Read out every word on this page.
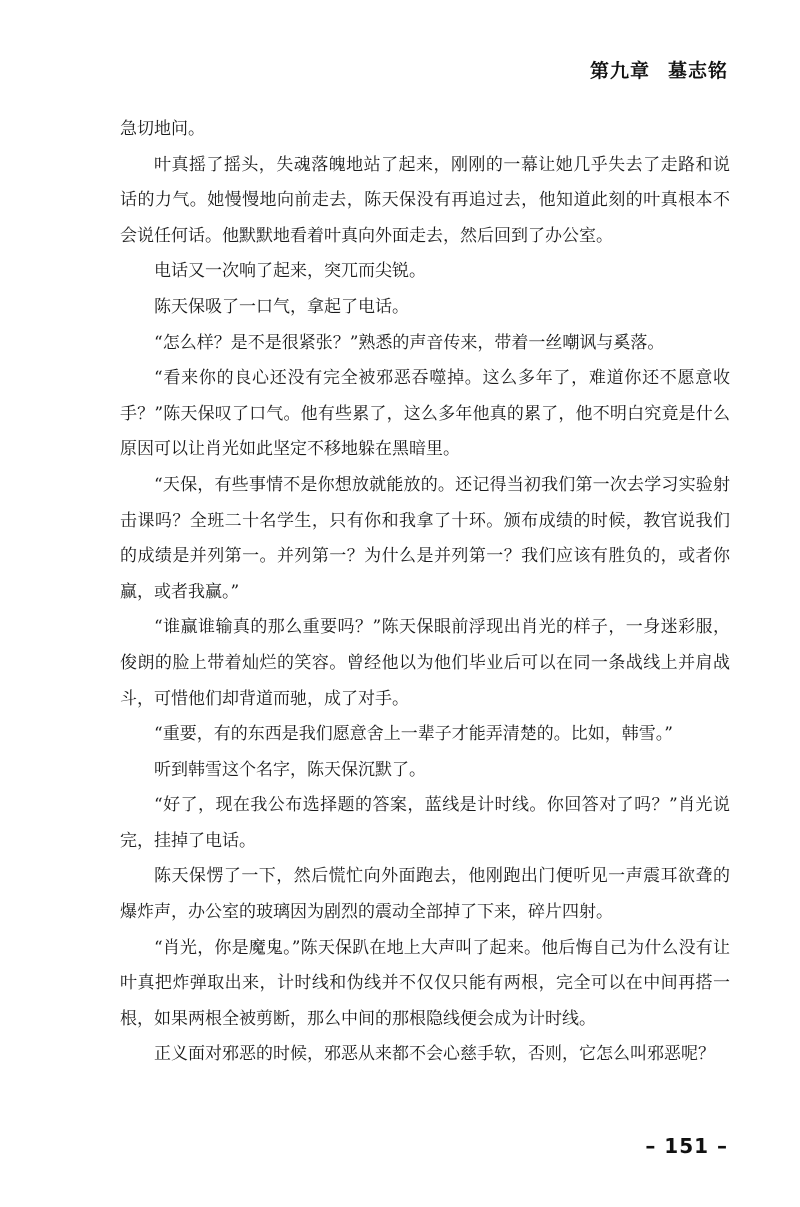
第九章 墓志铭

急切地问。

叶真摇了摇头，失魂落魄地站了起来，刚刚的一幕让她几乎失去了走路和说话的力气。她慢慢地向前走去，陈天保没有再追过去，他知道此刻的叶真根本不会说任何话。他默默地看着叶真向外面走去，然后回到了办公室。

电话又一次响了起来，突兀而尖锐。

陈天保吸了一口气，拿起了电话。

“怎么样？是不是很紧张？”熟悉的声音传来，带着一丝嘲讽与奚落。

“看来你的良心还没有完全被邪恶吞噬掉。这么多年了，难道你还不愿意收手？”陈天保叹了口气。他有些累了，这么多年他真的累了，他不明白究竟是什么原因可以让肖光如此坚定不移地躲在黑暗里。

“天保，有些事情不是你想放就能放的。还记得当初我们第一次去学习实验射击课吗？全班二十名学生，只有你和我拿了十环。颁布成绩的时候，教官说我们的成绩是并列第一。并列第一？为什么是并列第一？我们应该有胜负的，或者你赢，或者我赢。”

“谁赢谁输真的那么重要吗？”陈天保眼前浮现出肖光的样子，一身迷彩服，俊朗的脸上带着灿烂的笑容。曾经他以为他们毕业后可以在同一条战线上并肩战斗，可惜他们却背道而驰，成了对手。

“重要，有的东西是我们愿意舍上一辈子才能弄清楚的。比如，韩雪。”

听到韩雪这个名字，陈天保沉默了。

“好了，现在我公布选择题的答案，蓝线是计时线。你回答对了吗？”肖光说完，挂掉了电话。

陈天保愣了一下，然后慌忙向外面跑去，他刚跑出门便听见一声震耳欲聋的爆炸声，办公室的玻璃因为剧烈的震动全部掉了下来，碎片四射。

“肖光，你是魔鬼。”陈天保趴在地上大声叫了起来。他后悔自己为什么没有让叶真把炸弹取出来，计时线和伪线并不仅仅只能有两根，完全可以在中间再搭一根，如果两根全被剪断，那么中间的那根隐线便会成为计时线。

正义面对邪恶的时候，邪恶从来都不会心慈手软，否则，它怎么叫邪恶呢？

– 151 –
